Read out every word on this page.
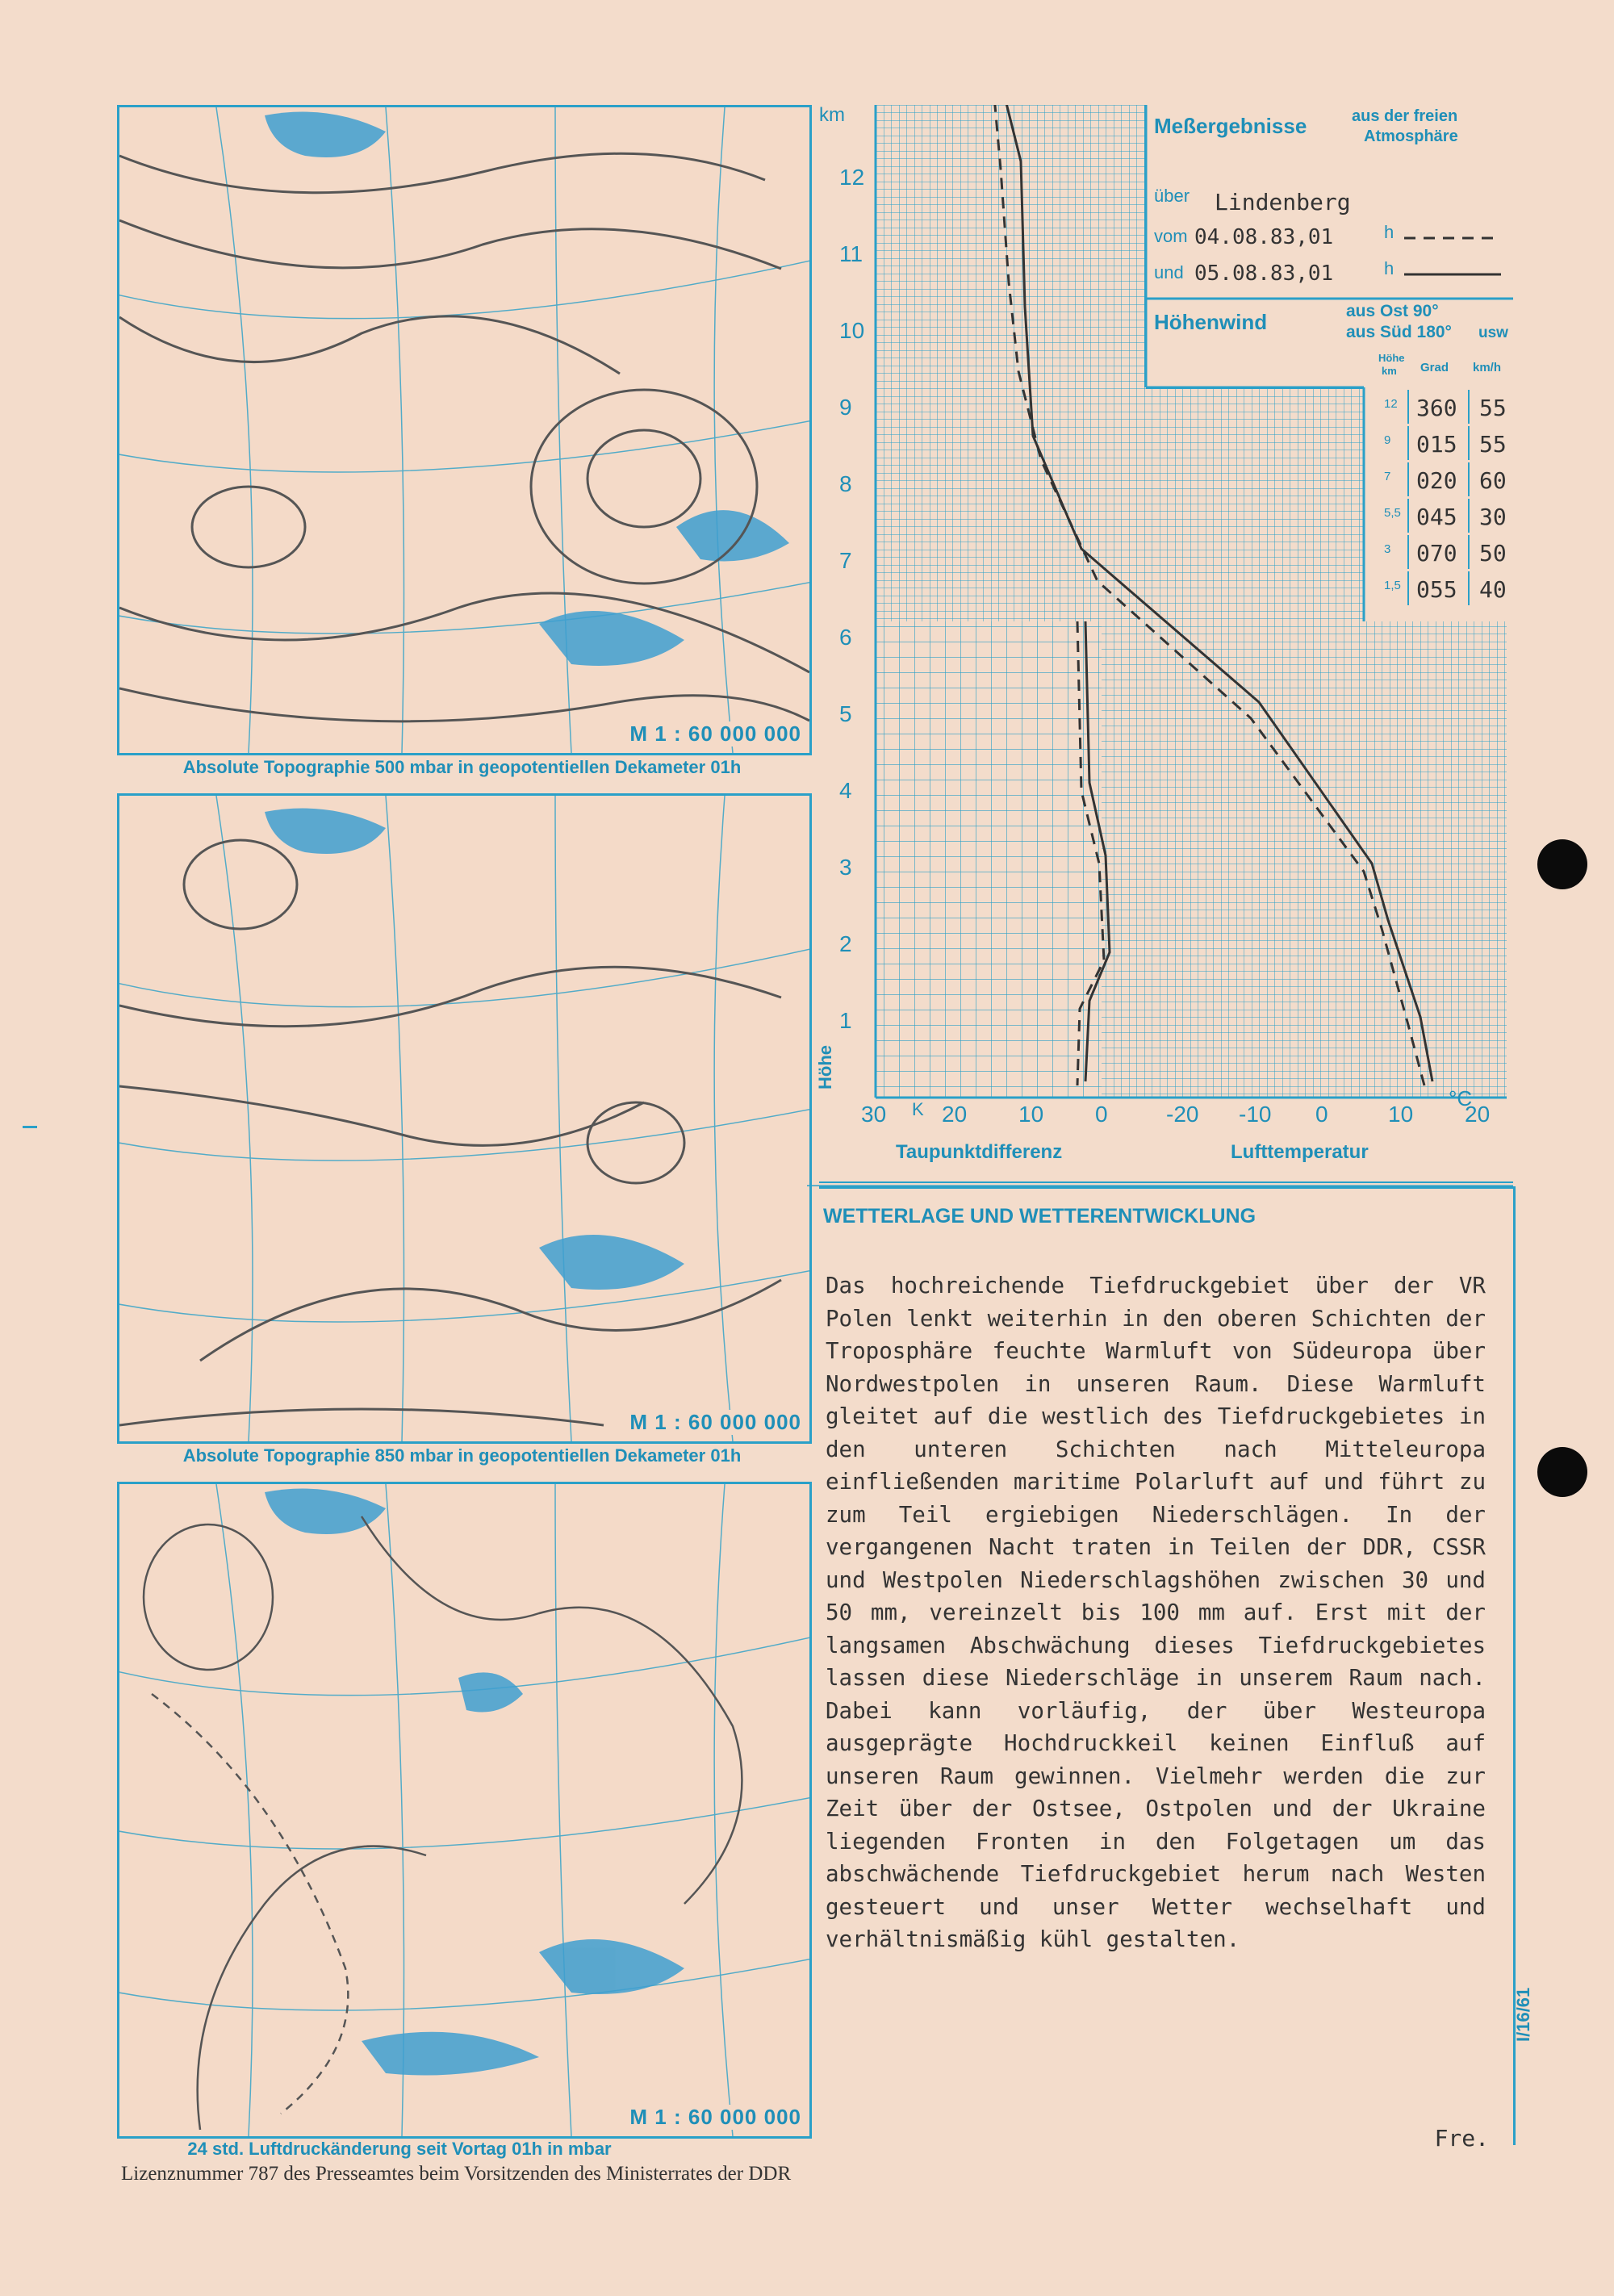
M 1 : 60 000 000
Absolute Topographie 500 mbar in geopotentiellen Dekameter 01h
M 1 : 60 000 000
Absolute Topographie 850 mbar in geopotentiellen Dekameter 01h
M 1 : 60 000 000
24 std. Luftdruckänderung seit Vortag 01h in mbar
12
11
10
9
8
7
6
5
4
3
2
1
30 20 10 0	-20 -10 0	10 20
km
Höhe
K	°C
Taupunktdifferenz	Lufttemperatur
Meßergebnisse	aus der freien
Atmosphäre
über Lindenberg
vom 04.08.83,01	h
und 05.08.83,01	h
Höhenwind	aus Ost 90°
aus Süd 180° usw
Höhe
km Grad km/h
12 360 55
9 015 55
7 020 60
5,5 045 30
3 070 50
1,5 055 40
WETTERLAGE UND WETTERENTWICKLUNG
Das hochreichende Tiefdruckgebiet über der VR Polen lenkt weiterhin in den oberen Schichten der Troposphäre feuchte Warmluft von Südeuropa über Nordwestpolen in unseren Raum. Diese Warmluft gleitet auf die westlich des Tiefdruckgebietes in den unteren Schichten nach Mitteleuropa einfließenden maritime Polarluft auf und führt zu zum Teil ergiebigen Niederschlägen. In der vergangenen Nacht traten in Teilen der DDR, CSSR und Westpolen Niederschlagshöhen zwischen 30 und 50 mm, vereinzelt bis 100 mm auf. Erst mit der langsamen Abschwächung dieses Tiefdruckgebietes lassen diese Niederschläge in unserem Raum nach. Dabei kann vorläufig, der über Westeuropa ausgeprägte Hochdruckkeil keinen Einfluß auf unseren Raum gewinnen. Vielmehr werden die zur Zeit über der Ostsee, Ostpolen und der Ukraine liegenden Fronten in den Folgetagen um das abschwächende Tiefdruckgebiet herum nach Westen gesteuert und unser Wetter wechselhaft und verhältnismäßig kühl gestalten.
Fre.
Lizenznummer 787 des Presseamtes beim Vorsitzenden des Ministerrates der DDR
I/16/61
